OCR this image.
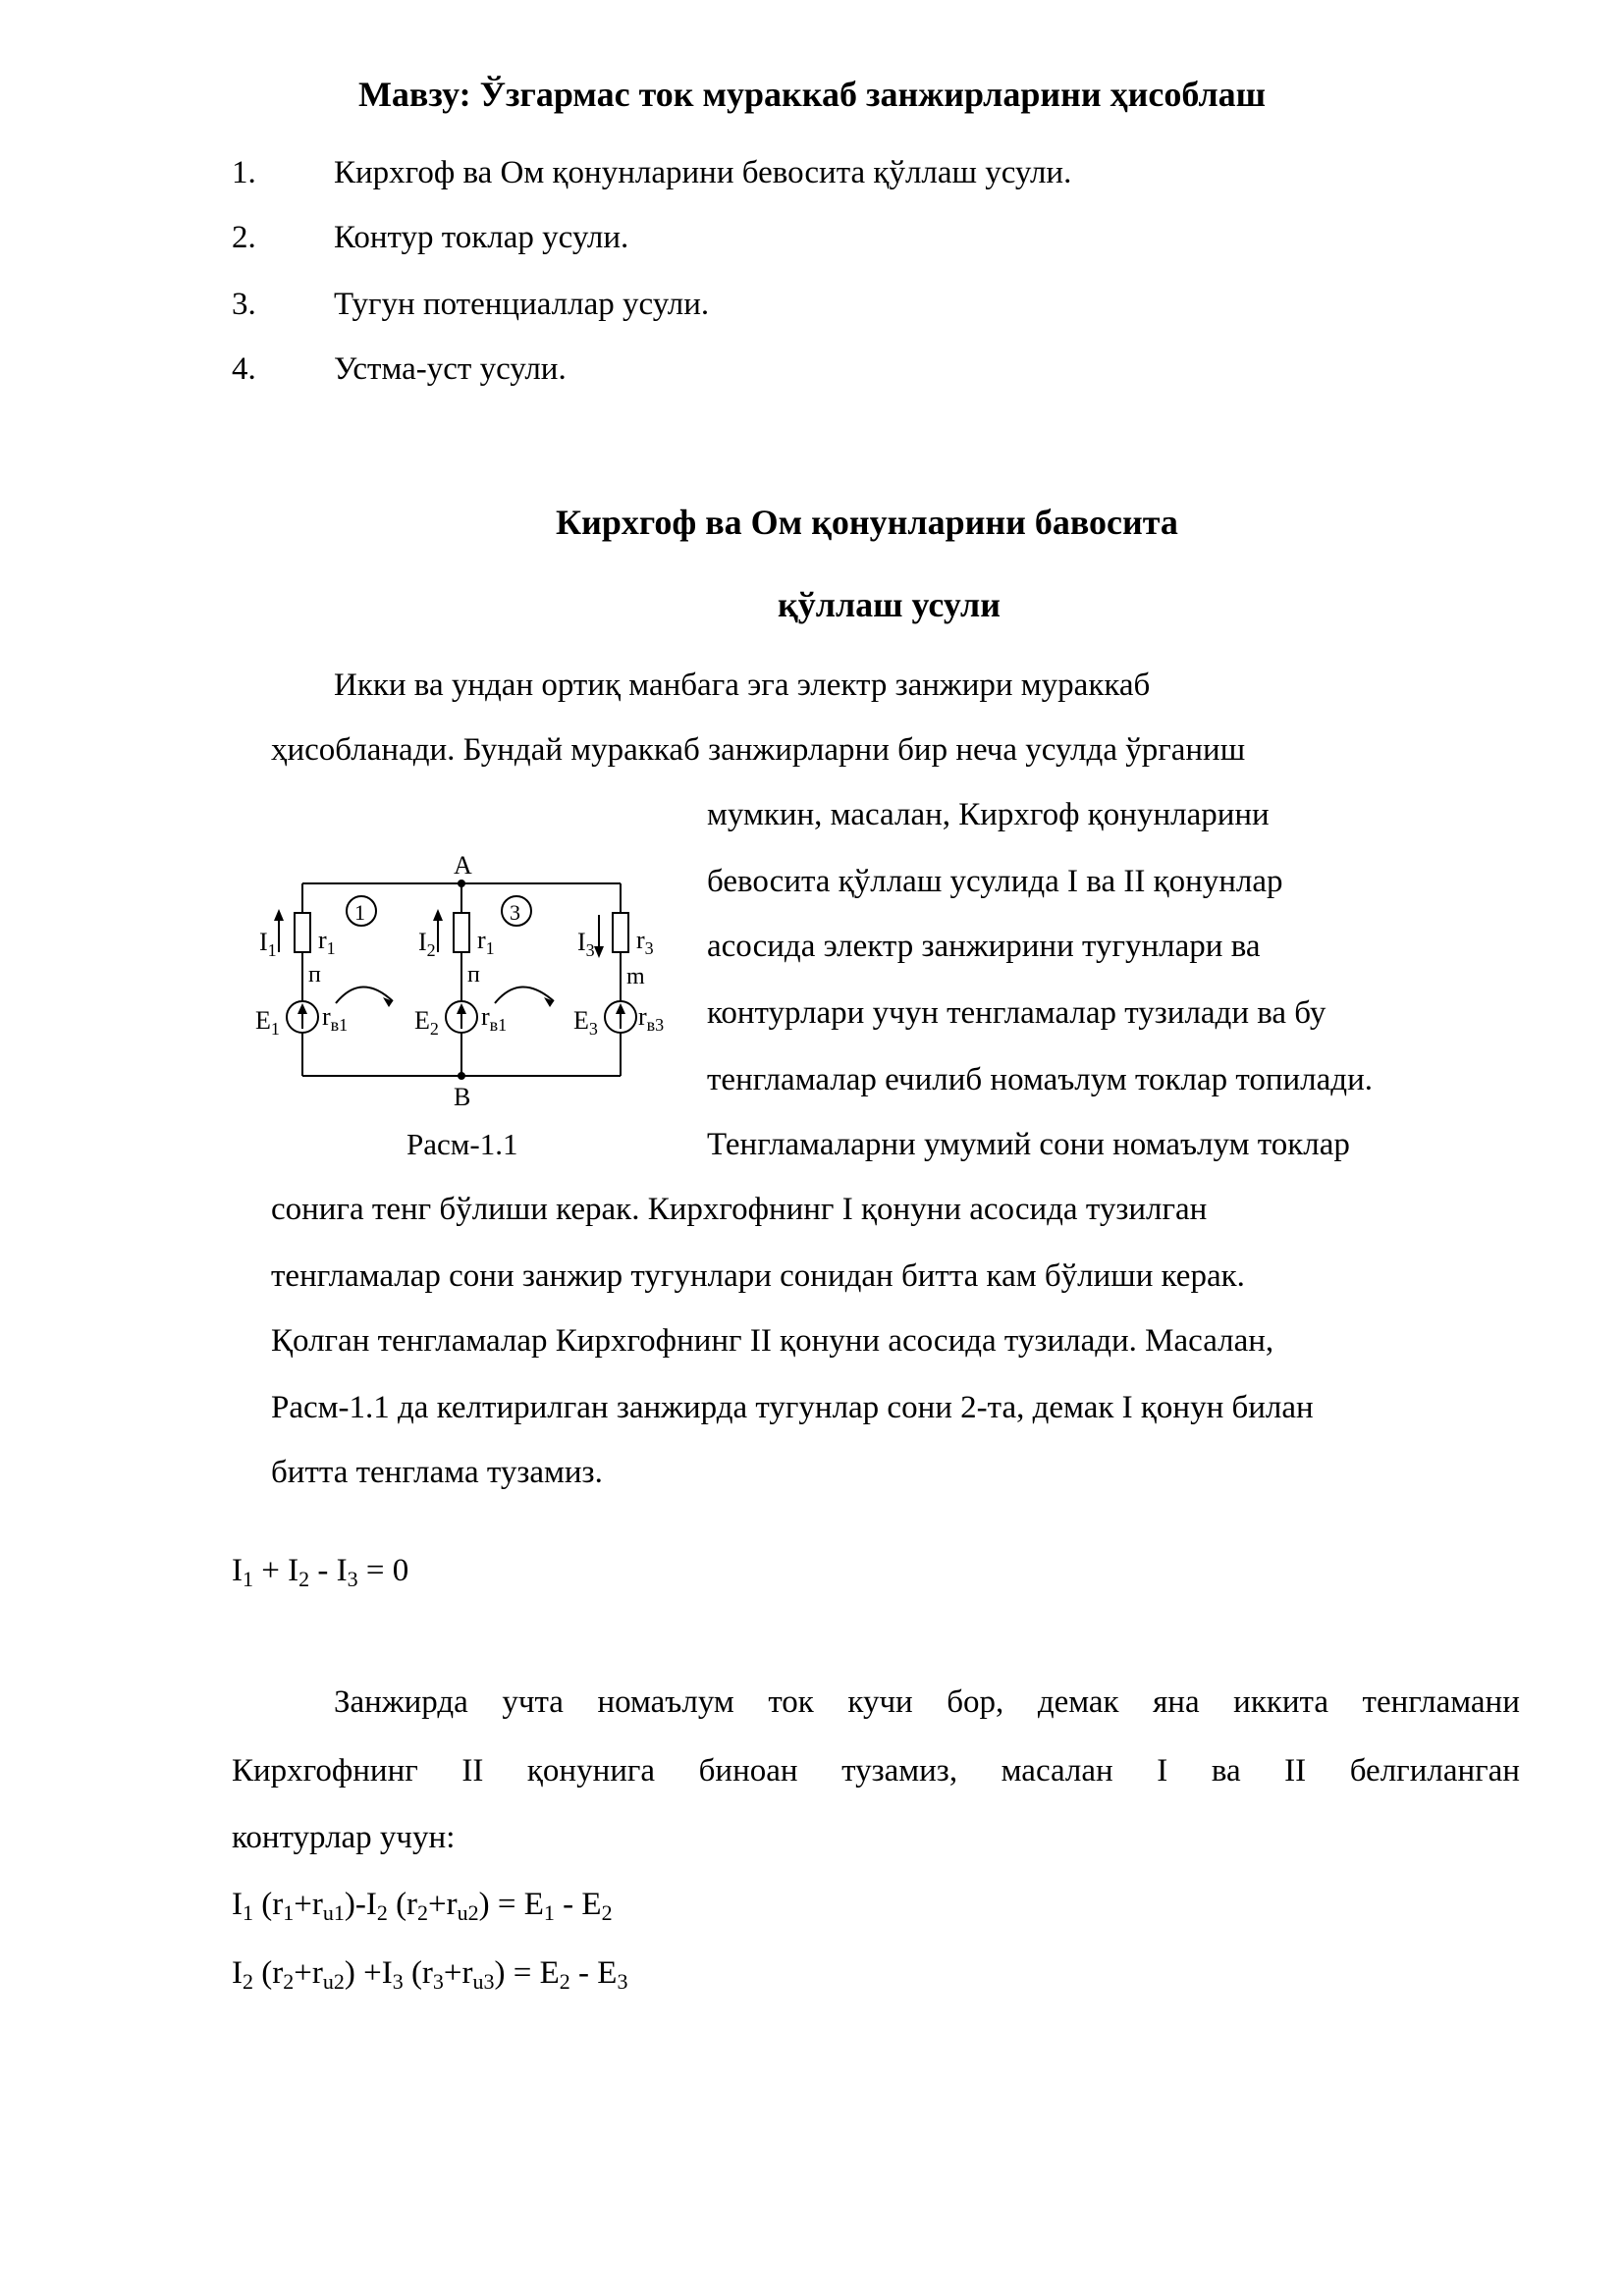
Мавзу: Ўзгармас ток мураккаб занжирларини ҳисоблаш
1. Кирхгоф ва Ом қонунларини бевосита қўллаш усули.
2. Контур токлар усули.
3. Тугун потенциаллар усули.
4. Устма-уст усули.
Кирхгоф ва Ом қонунларини бавосита
қўллаш усули
Икки ва ундан ортиқ манбага эга электр занжири мураккаб
ҳисобланади. Бундай мураккаб занжирларни бир неча усулда ўрганиш
мумкин, масалан, Кирхгоф қонунларини
бевосита қўллаш усулида I ва II қонунлар
асосида электр занжирини тугунлари ва
контурлари учун тенгламалар тузилади ва бу
тенгламалар ечилиб номаълум токлар топилади.
Тенгламаларни умумий сони номаълум токлар
сонига тенг бўлиши керак. Кирхгофнинг I қонуни асосида тузилган
тенгламалар сони занжир тугунлари сонидан битта кам бўлиши керак.
Қолган тенгламалар Кирхгофнинг II қонуни асосида тузилади. Масалан,
Расм-1.1 да келтирилган занжирда тугунлар сони 2-та, демак I қонун билан
битта тенглама тузамиз.
A
B
1	3
$I_1$ $r_1$
п
$E_1$ $r_{в1}$
$I_2$ $r_1$
п
$E_2$ $r_{в1}$
$I_3$ $r_3$
m
$E_3$ $r_{в3}$
Расм-1.1
$I_1 + I_2 - I_3 = 0$
Занжирда учта номаълум ток кучи бор, демак яна иккита тенгламани
Кирхгофнинг II қонунига биноан тузамиз, масалан I ва II белгиланган
контурлар учун:
$I_1$ $(r_1+r_{u1})-I_2$ $(r_2+r_{u2}) = E_1 - E_2$
$I_2$ $(r_2+r_{u2}) +I_3$ $(r_3+r_{u3}) = E_2 - E_3$
